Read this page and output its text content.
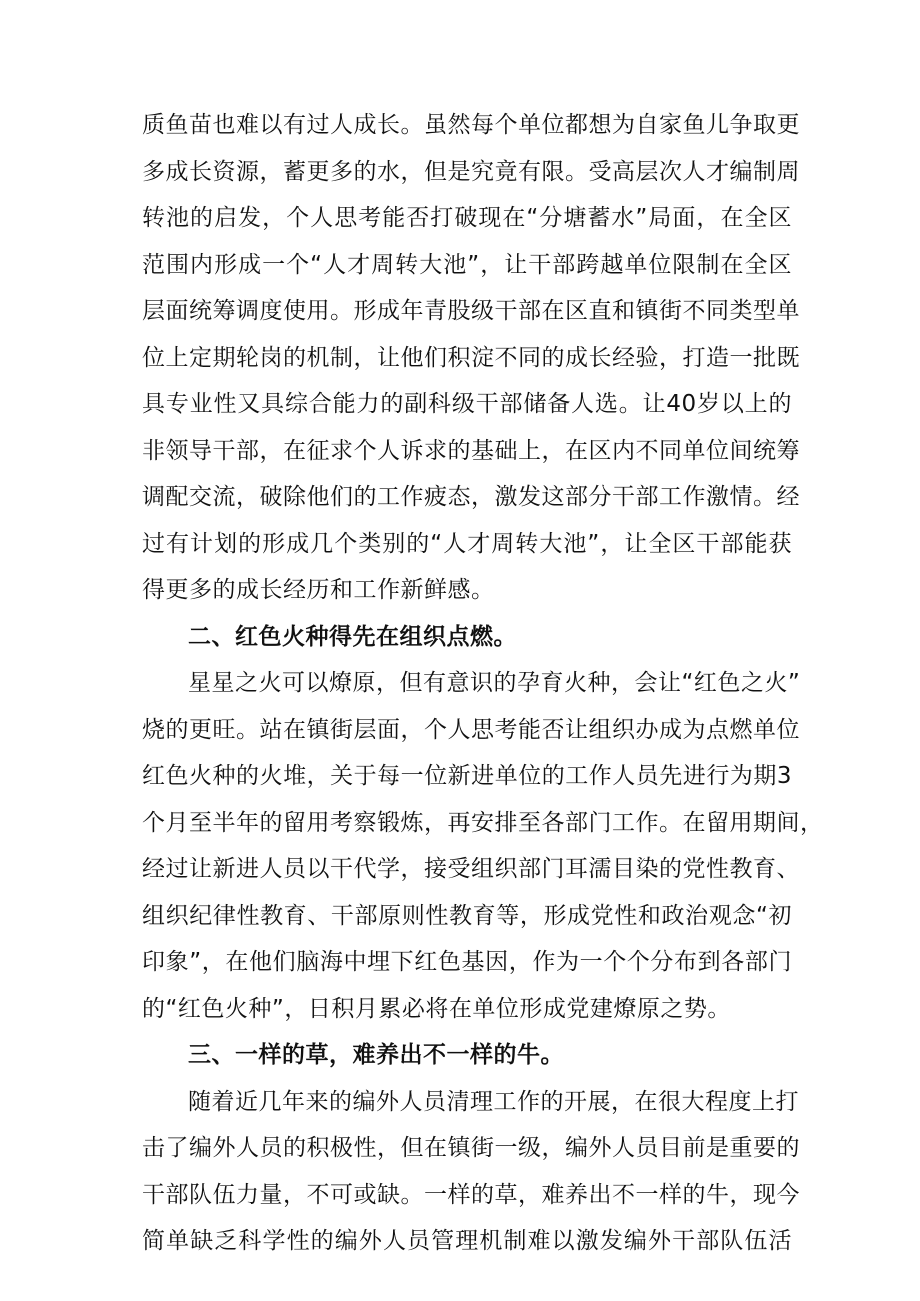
质鱼苗也难以有过人成长。虽然每个单位都想为自家鱼儿争取更
多成长资源，蓄更多的水，但是究竟有限。受高层次人才编制周
转池的启发，个人思考能否打破现在“分塘蓄水”局面，在全区
范围内形成一个“人才周转大池”，让干部跨越单位限制在全区
层面统筹调度使用。形成年青股级干部在区直和镇街不同类型单
位上定期轮岗的机制，让他们积淀不同的成长经验，打造一批既
具专业性又具综合能力的副科级干部储备人选。让40岁以上的
非领导干部，在征求个人诉求的基础上，在区内不同单位间统筹
调配交流，破除他们的工作疲态，激发这部分干部工作激情。经
过有计划的形成几个类别的“人才周转大池”，让全区干部能获
得更多的成长经历和工作新鲜感。
二、红色火种得先在组织点燃。
星星之火可以燎原，但有意识的孕育火种，会让“红色之火”
烧的更旺。站在镇街层面，个人思考能否让组织办成为点燃单位
红色火种的火堆，关于每一位新进单位的工作人员先进行为期3
个月至半年的留用考察锻炼，再安排至各部门工作。在留用期间，
经过让新进人员以干代学，接受组织部门耳濡目染的党性教育、
组织纪律性教育、干部原则性教育等，形成党性和政治观念“初
印象”，在他们脑海中埋下红色基因，作为一个个分布到各部门
的“红色火种”，日积月累必将在单位形成党建燎原之势。
三、一样的草，难养出不一样的牛。
随着近几年来的编外人员清理工作的开展，在很大程度上打
击了编外人员的积极性，但在镇街一级，编外人员目前是重要的
干部队伍力量，不可或缺。一样的草，难养出不一样的牛，现今
简单缺乏科学性的编外人员管理机制难以激发编外干部队伍活
